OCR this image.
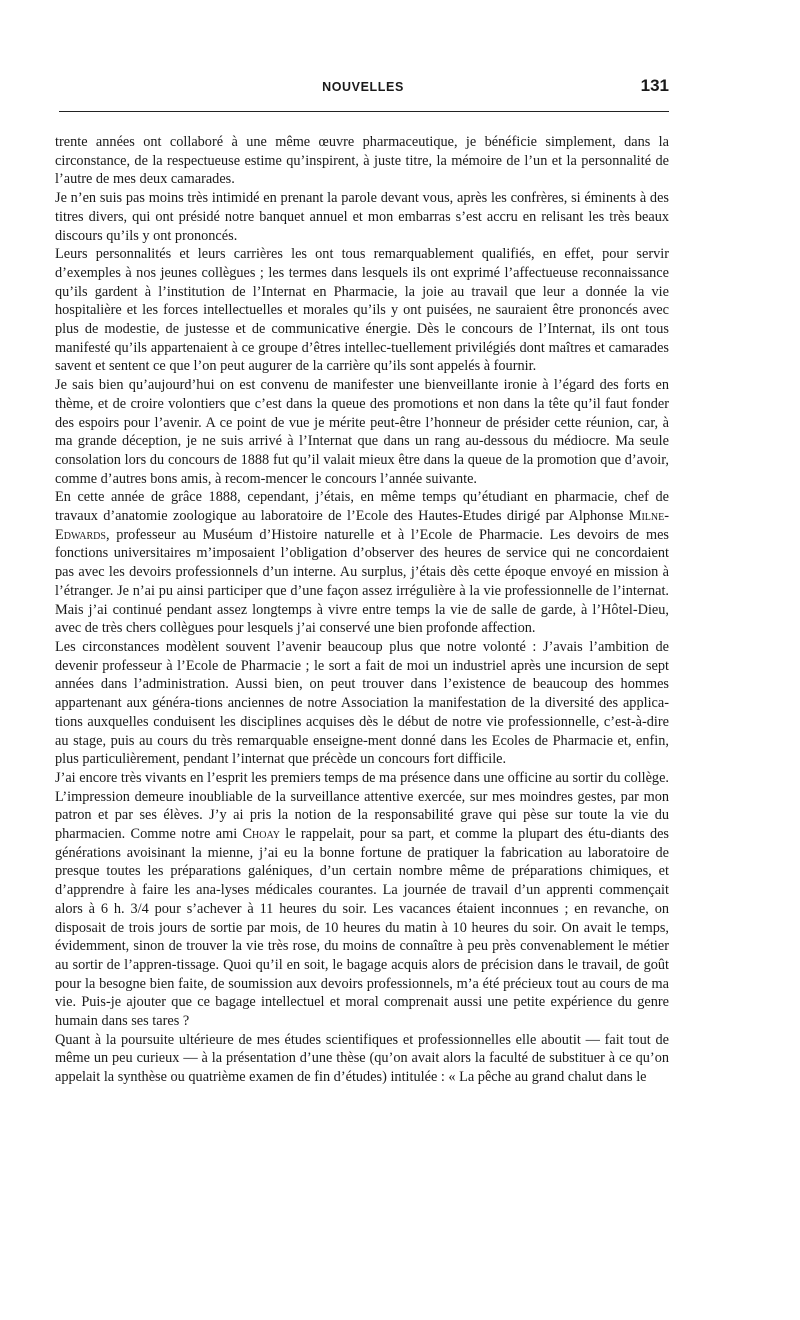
NOUVELLES	131

trente années ont collaboré à une même œuvre pharmaceutique, je bénéficie simplement, dans la circonstance, de la respectueuse estime qu’inspirent, à juste titre, la mémoire de l’un et la personnalité de l’autre de mes deux camarades.

Je n’en suis pas moins très intimidé en prenant la parole devant vous, après les confrères, si éminents à des titres divers, qui ont présidé notre banquet annuel et mon embarras s’est accru en relisant les très beaux discours qu’ils y ont prononcés.

Leurs personnalités et leurs carrières les ont tous remarquablement qualifiés, en effet, pour servir d’exemples à nos jeunes collègues ; les termes dans lesquels ils ont exprimé l’affectueuse reconnaissance qu’ils gardent à l’institution de l’Internat en Pharmacie, la joie au travail que leur a donnée la vie hospitalière et les forces intellectuelles et morales qu’ils y ont puisées, ne sauraient être prononcés avec plus de modestie, de justesse et de communicative énergie. Dès le concours de l’Internat, ils ont tous manifesté qu’ils appartenaient à ce groupe d’êtres intellec-tuellement privilégiés dont maîtres et camarades savent et sentent ce que l’on peut augurer de la carrière qu’ils sont appelés à fournir.

Je sais bien qu’aujourd’hui on est convenu de manifester une bienveillante ironie à l’égard des forts en thème, et de croire volontiers que c’est dans la queue des promotions et non dans la tête qu’il faut fonder des espoirs pour l’avenir. A ce point de vue je mérite peut-être l’honneur de présider cette réunion, car, à ma grande déception, je ne suis arrivé à l’Internat que dans un rang au-dessous du médiocre. Ma seule consolation lors du concours de 1888 fut qu’il valait mieux être dans la queue de la promotion que d’avoir, comme d’autres bons amis, à recom-mencer le concours l’année suivante.

En cette année de grâce 1888, cependant, j’étais, en même temps qu’étudiant en pharmacie, chef de travaux d’anatomie zoologique au laboratoire de l’Ecole des Hautes-Etudes dirigé par Alphonse Milne-Edwards, professeur au Muséum d’Histoire naturelle et à l’Ecole de Pharmacie. Les devoirs de mes fonctions universitaires m’imposaient l’obligation d’observer des heures de service qui ne concordaient pas avec les devoirs professionnels d’un interne. Au surplus, j’étais dès cette époque envoyé en mission à l’étranger. Je n’ai pu ainsi participer que d’une façon assez irrégulière à la vie professionnelle de l’internat. Mais j’ai continué pendant assez longtemps à vivre entre temps la vie de salle de garde, à l’Hôtel-Dieu, avec de très chers collègues pour lesquels j’ai conservé une bien profonde affection.

Les circonstances modèlent souvent l’avenir beaucoup plus que notre volonté : J’avais l’ambition de devenir professeur à l’Ecole de Pharmacie ; le sort a fait de moi un industriel après une incursion de sept années dans l’administration. Aussi bien, on peut trouver dans l’existence de beaucoup des hommes appartenant aux généra-tions anciennes de notre Association la manifestation de la diversité des applica-tions auxquelles conduisent les disciplines acquises dès le début de notre vie professionnelle, c’est-à-dire au stage, puis au cours du très remarquable enseigne-ment donné dans les Ecoles de Pharmacie et, enfin, plus particulièrement, pendant l’internat que précède un concours fort difficile.

J’ai encore très vivants en l’esprit les premiers temps de ma présence dans une officine au sortir du collège. L’impression demeure inoubliable de la surveillance attentive exercée, sur mes moindres gestes, par mon patron et par ses élèves. J’y ai pris la notion de la responsabilité grave qui pèse sur toute la vie du pharmacien. Comme notre ami Choay le rappelait, pour sa part, et comme la plupart des étu-diants des générations avoisinant la mienne, j’ai eu la bonne fortune de pratiquer la fabrication au laboratoire de presque toutes les préparations galéniques, d’un certain nombre même de préparations chimiques, et d’apprendre à faire les ana-lyses médicales courantes. La journée de travail d’un apprenti commençait alors à 6 h. 3/4 pour s’achever à 11 heures du soir. Les vacances étaient inconnues ; en revanche, on disposait de trois jours de sortie par mois, de 10 heures du matin à 10 heures du soir. On avait le temps, évidemment, sinon de trouver la vie très rose, du moins de connaître à peu près convenablement le métier au sortir de l’appren-tissage. Quoi qu’il en soit, le bagage acquis alors de précision dans le travail, de goût pour la besogne bien faite, de soumission aux devoirs professionnels, m’a été précieux tout au cours de ma vie. Puis-je ajouter que ce bagage intellectuel et moral comprenait aussi une petite expérience du genre humain dans ses tares ?

Quant à la poursuite ultérieure de mes études scientifiques et professionnelles elle aboutit — fait tout de même un peu curieux — à la présentation d’une thèse (qu’on avait alors la faculté de substituer à ce qu’on appelait la synthèse ou quatrième examen de fin d’études) intitulée : « La pêche au grand chalut dans le
